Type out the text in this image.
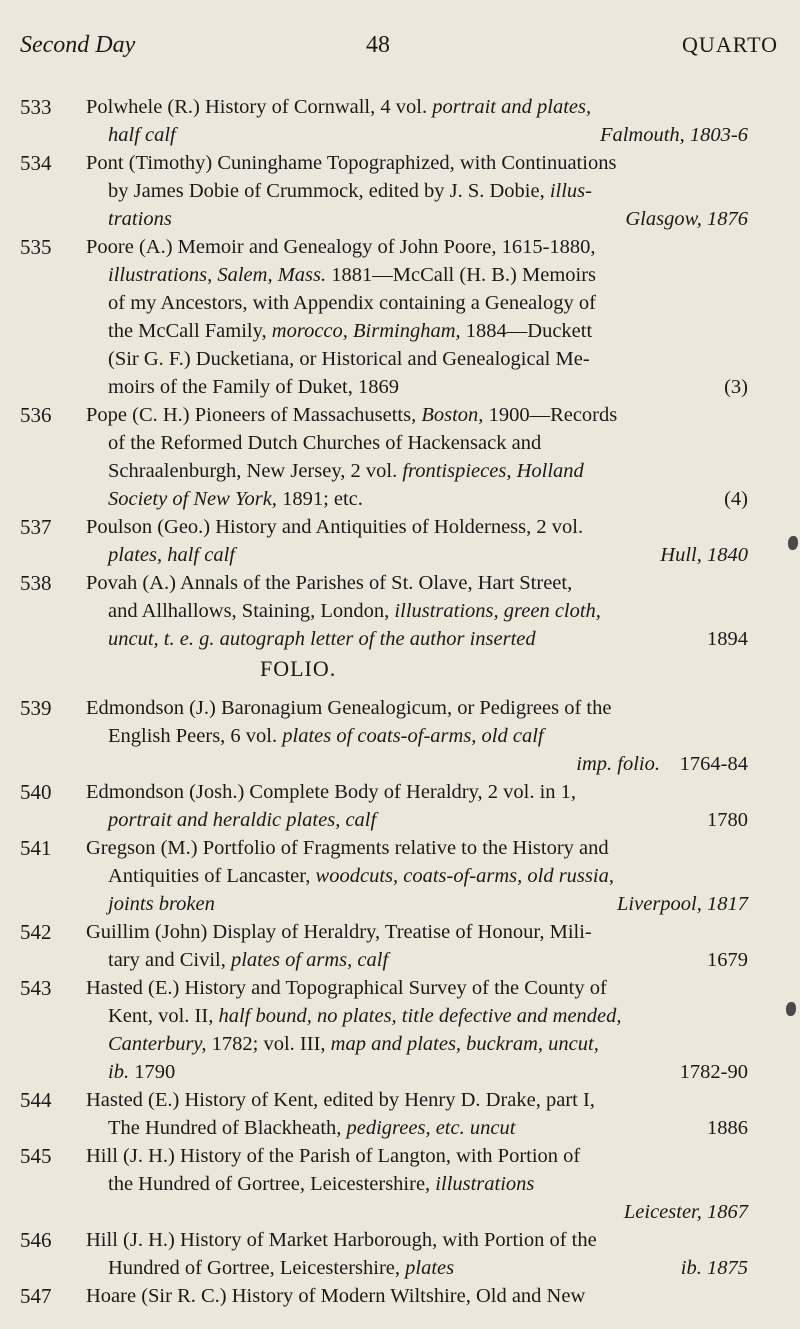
Second Day	48	QUARTO
533	Polwhele (R.) History of Cornwall, 4 vol. portrait and plates,
half calf	Falmouth, 1803-6
534	Pont (Timothy) Cuninghame Topographized, with Continuations
by James Dobie of Crummock, edited by J. S. Dobie, illus-
trations	Glasgow, 1876
535	Poore (A.) Memoir and Genealogy of John Poore, 1615-1880,
illustrations, Salem, Mass. 1881—McCall (H. B.) Memoirs
of my Ancestors, with Appendix containing a Genealogy of
the McCall Family, morocco, Birmingham, 1884—Duckett
(Sir G. F.) Ducketiana, or Historical and Genealogical Me-
moirs of the Family of Duket, 1869	(3)
536	Pope (C. H.) Pioneers of Massachusetts, Boston, 1900—Records
of the Reformed Dutch Churches of Hackensack and
Schraalenburgh, New Jersey, 2 vol. frontispieces, Holland
Society of New York, 1891; etc.	(4)
537	Poulson (Geo.) History and Antiquities of Holderness, 2 vol.
plates, half calf	Hull, 1840
538	Povah (A.) Annals of the Parishes of St. Olave, Hart Street,
and Allhallows, Staining, London, illustrations, green cloth,
uncut, t. e. g. autograph letter of the author inserted	1894
FOLIO.
539	Edmondson (J.) Baronagium Genealogicum, or Pedigrees of the
English Peers, 6 vol. plates of coats-of-arms, old calf
imp. folio. 1764-84
540	Edmondson (Josh.) Complete Body of Heraldry, 2 vol. in 1,
portrait and heraldic plates, calf	1780
541	Gregson (M.) Portfolio of Fragments relative to the History and
Antiquities of Lancaster, woodcuts, coats-of-arms, old russia,
joints broken	Liverpool, 1817
542	Guillim (John) Display of Heraldry, Treatise of Honour, Mili-
tary and Civil, plates of arms, calf	1679
543	Hasted (E.) History and Topographical Survey of the County of
Kent, vol. II, half bound, no plates, title defective and mended,
Canterbury, 1782; vol. III, map and plates, buckram, uncut,
ib. 1790	1782-90
544	Hasted (E.) History of Kent, edited by Henry D. Drake, part I,
The Hundred of Blackheath, pedigrees, etc. uncut	1886
545	Hill (J. H.) History of the Parish of Langton, with Portion of
the Hundred of Gortree, Leicestershire, illustrations
Leicester, 1867
546	Hill (J. H.) History of Market Harborough, with Portion of the
Hundred of Gortree, Leicestershire, plates	ib. 1875
547	Hoare (Sir R. C.) History of Modern Wiltshire, Old and New
